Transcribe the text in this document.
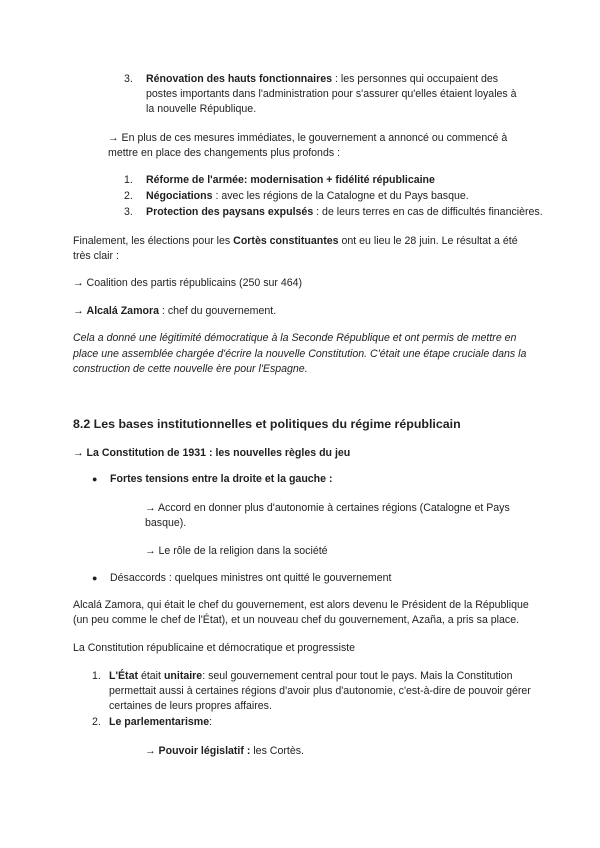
3. Rénovation des hauts fonctionnaires : les personnes qui occupaient des postes importants dans l'administration pour s'assurer qu'elles étaient loyales à la nouvelle République.

→ En plus de ces mesures immédiates, le gouvernement a annoncé ou commencé à mettre en place des changements plus profonds :

1. Réforme de l'armée: modernisation + fidélité républicaine
2. Négociations : avec les régions de la Catalogne et du Pays basque.
3. Protection des paysans expulsés : de leurs terres en cas de difficultés financières.

Finalement, les élections pour les Cortès constituantes ont eu lieu le 28 juin. Le résultat a été très clair :

→ Coalition des partis républicains (250 sur 464)

→ Alcalá Zamora : chef du gouvernement.

Cela a donné une légitimité démocratique à la Seconde République et ont permis de mettre en place une assemblée chargée d'écrire la nouvelle Constitution. C'était une étape cruciale dans la construction de cette nouvelle ère pour l'Espagne.

8.2 Les bases institutionnelles et politiques du régime républicain

→ La Constitution de 1931 : les nouvelles règles du jeu

● Fortes tensions entre la droite et la gauche :

→ Accord en donner plus d'autonomie à certaines régions (Catalogne et Pays basque).

→ Le rôle de la religion dans la société

● Désaccords : quelques ministres ont quitté le gouvernement

Alcalá Zamora, qui était le chef du gouvernement, est alors devenu le Président de la République (un peu comme le chef de l'État), et un nouveau chef du gouvernement, Azaña, a pris sa place.

La Constitution républicaine et démocratique et progressiste

1. L'État était unitaire: seul gouvernement central pour tout le pays. Mais la Constitution permettait aussi à certaines régions d'avoir plus d'autonomie, c'est-à-dire de pouvoir gérer certaines de leurs propres affaires.

2. Le parlementarisme:

→ Pouvoir législatif : les Cortès.
